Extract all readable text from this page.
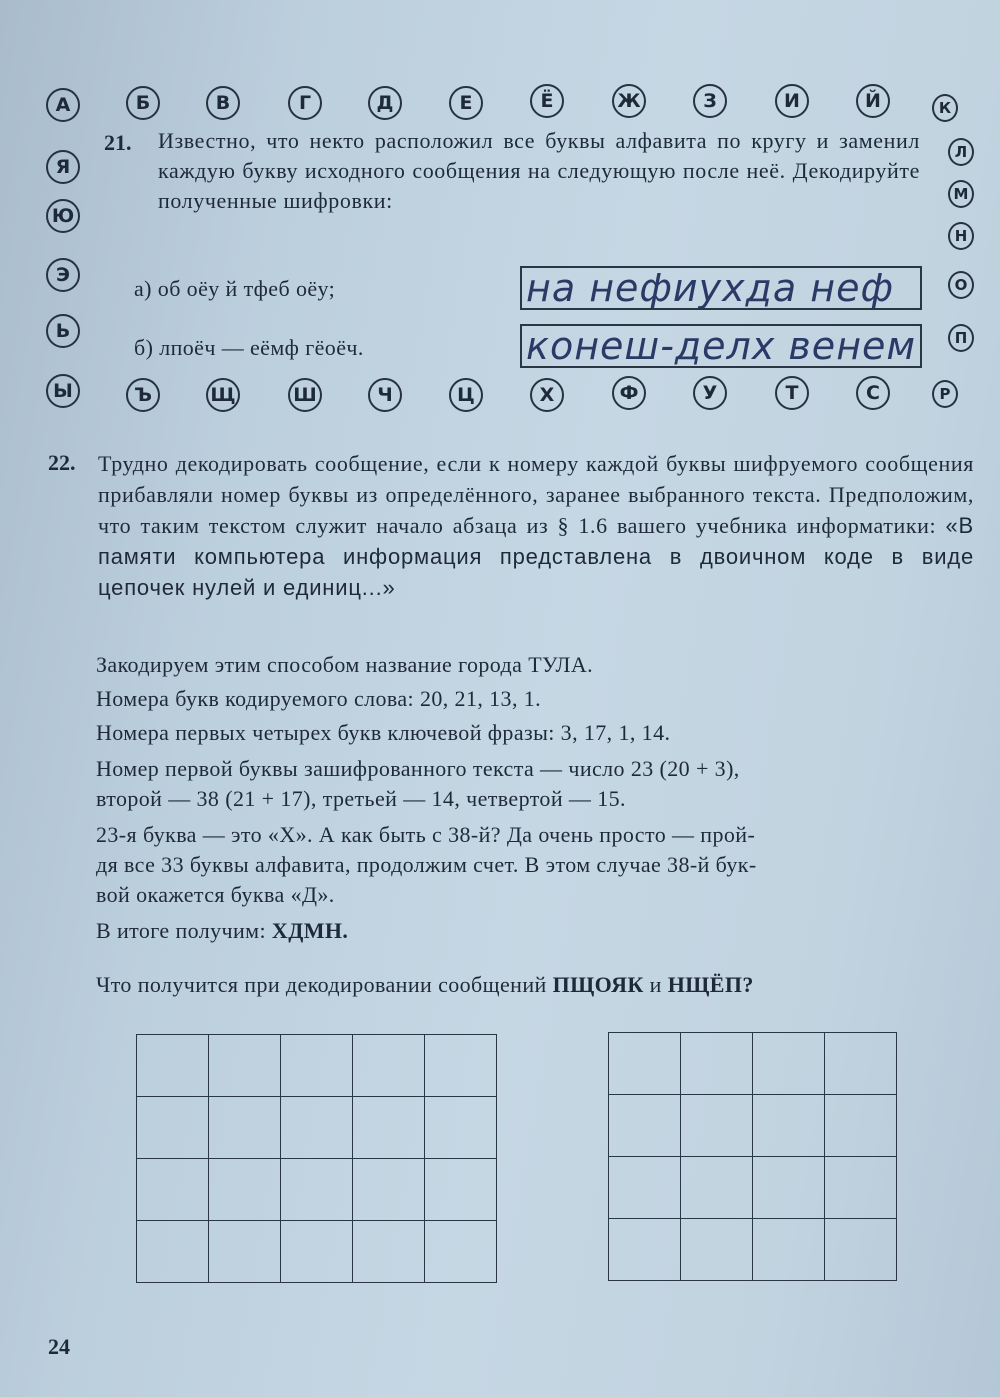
А	Б	В	Г	Д	Е	Ё	Ж	З	И	Й	К
Я
Ю
Э
Ь
Л
М
Н
О
П
Ы	Ъ	Щ	Ш	Ч	Ц	Х	Ф	У	Т	С	Р
21. Известно, что некто расположил все буквы алфавита по кругу и заменил каждую букву исходного сообщения на следующую после неё. Декодируйте полученные шифровки:
а) об оёу й тфеб оёу;	на нефиухда неф
б) лпоёч — еёмф гёоёч.	конеш-делх венем
22. Трудно декодировать сообщение, если к номеру каждой буквы шифруемого сообщения прибавляли номер буквы из определённого, заранее выбранного текста. Предположим, что таким текстом служит начало абзаца из § 1.6 вашего учебника информатики: «В памяти компьютера информация представлена в двоичном коде в виде цепочек нулей и единиц...»
Закодируем этим способом название города ТУЛА.
Номера букв кодируемого слова: 20, 21, 13, 1.
Номера первых четырех букв ключевой фразы: 3, 17, 1, 14.
Номер первой буквы зашифрованного текста — число 23 (20 + 3),
второй — 38 (21 + 17), третьей — 14, четвертой — 15.
23-я буква — это «Х». А как быть с 38-й? Да очень просто — прой-
дя все 33 буквы алфавита, продолжим счет. В этом случае 38-й бук-
вой окажется буква «Д».
В итоге получим: ХДМН.
Что получится при декодировании сообщений ПЩОЯК и НЩЁП?

24
